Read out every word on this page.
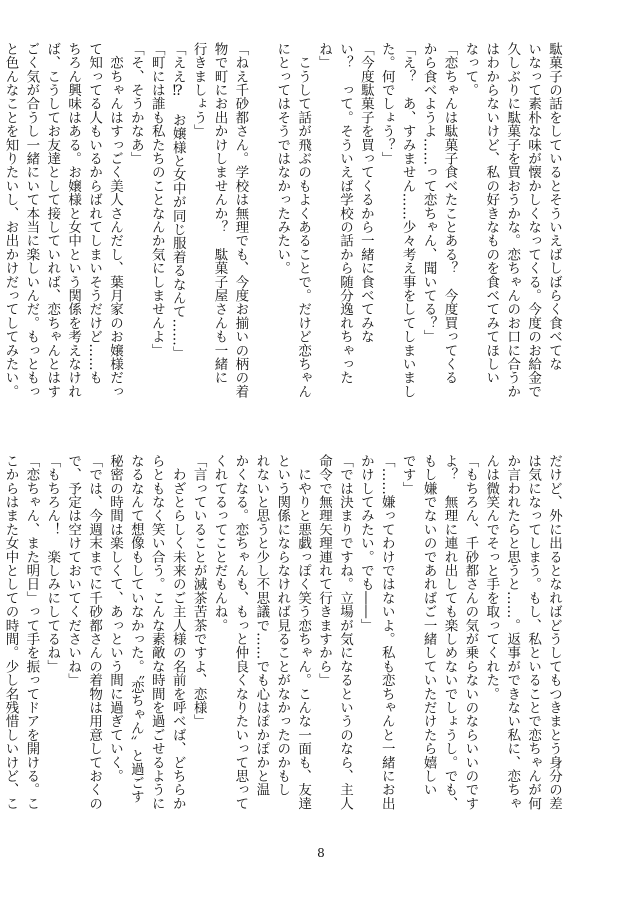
駄菓子の話をしているとそういえばしばらく食べてな
いなって素朴な味が懐かしくなってくる。今度のお給金で
久しぶりに駄菓子を買おうかな。恋ちゃんのお口に合うか
はわからないけど、私の好きなものを食べてみてほしい
なって。
「恋ちゃんは駄菓子食べたことある？　今度買ってくる
から食べようよ……って恋ちゃん、聞いてる？」
「え？　あ、すみません……少々考え事をしてしまいまし
た。何でしょう？」
「今度駄菓子を買ってくるから一緒に食べてみな
い？　って。そういえば学校の話から随分逸れちゃった
ね」
　こうして話が飛ぶのもよくあることで。だけど恋ちゃん
にとってはそうではなかったみたい。

「ねえ千砂都さん。学校は無理でも、今度お揃いの柄の着
物で町にお出かけしませんか？　駄菓子屋さんも一緒に
行きましょう」
「ええ⁉　お嬢様と女中が同じ服着るなんて……」
「町には誰も私たちのことなんか気にしませんよ」
「そ、そうかなあ」
　恋ちゃんはすっごく美人さんだし、葉月家のお嬢様だっ
て知ってる人もいるからばれてしまいそうだけど……も
ちろん興味はある。お嬢様と女中という関係を考えなけれ
ば、こうしてお友達として接していれば、恋ちゃんとはす
ごく気が合うし一緒にいて本当に楽しいんだ。もっともっ
と色んなことを知りたいし、お出かけだってしてみたい。
だけど、外に出るとなればどうしてもつきまとう身分の差
は気になってしまう。もし、私といることで恋ちゃんが何
か言われたらと思うと……。返事ができない私に、恋ちゃ
んは微笑んでそっと手を取ってくれた。
「もちろん、千砂都さんの気が乗らないのならいいのです
よ？　無理に連れ出しても楽しめないでしょうし。でも、
もし嫌でないのであればご一緒していただけたら嬉しい
です」
「……嫌ってわけではないよ。私も恋ちゃんと一緒にお出
かけしてみたい。でも――」
「では決まりですね。立場が気になるというのなら、主人
命令で無理矢理連れて行きますから」
　にやりと悪戯っぽく笑う恋ちゃん。こんな一面も、友達
という関係にならなければ見ることがなかったのかもし
れないと思うと少し不思議で……でも心はぽかぽかと温
かくなる。恋ちゃんも、もっと仲良くなりたいって思って
くれてるってことだもんね。
「言っていることが滅茶苦茶ですよ、恋様」
　わざとらしく未来のご主人様の名前を呼べば、どちらか
らともなく笑い合う。こんな素敵な時間を過ごせるように
なるなんて想像もしていなかった。〝恋ちゃん〟と過ごす
秘密の時間は楽しくて、あっという間に過ぎていく。
「では、今週末までに千砂都さんの着物は用意しておくの
で、予定は空けておいてくださいね」
「もちろん！　楽しみにしてるね」
「恋ちゃん、また明日」って手を振ってドアを開ける。こ
こからはまた女中としての時間。少し名残惜しいけど、こ
8
